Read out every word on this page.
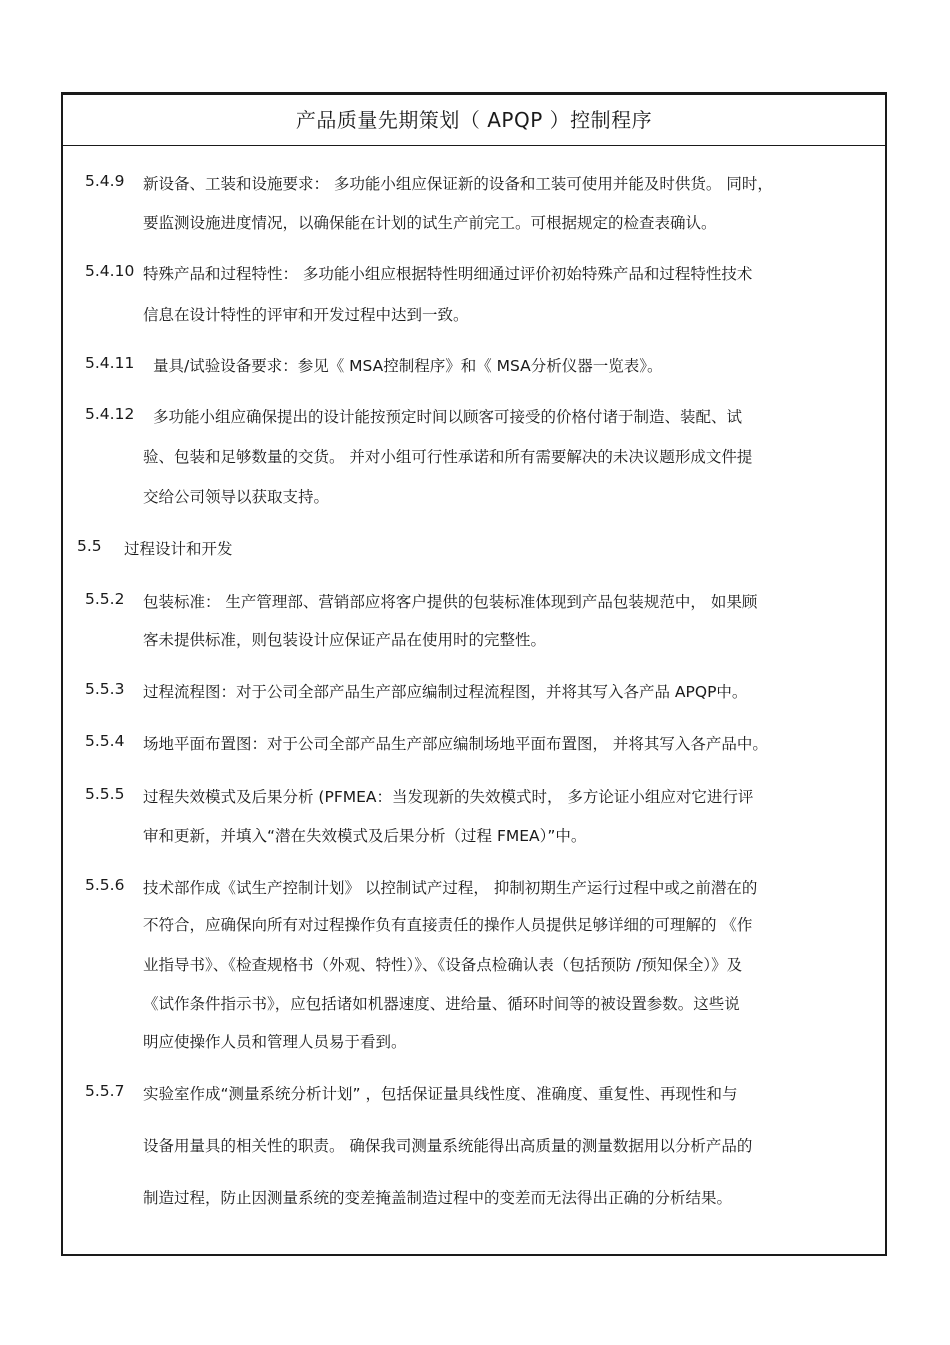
产品质量先期策划（ APQP ）控制程序
5.4.9 新设备、工装和设施要求： 多功能小组应保证新的设备和工装可使用并能及时供货。 同时，
要监测设施进度情况，以确保能在计划的试生产前完工。可根据规定的检查表确认。
5.4.10 特殊产品和过程特性： 多功能小组应根据特性明细通过评价初始特殊产品和过程特性技术
信息在设计特性的评审和开发过程中达到一致。
5.4.11 量具/试验设备要求：参见《 MSA控制程序》和《 MSA分析仪器一览表》。
5.4.12 多功能小组应确保提出的设计能按预定时间以顾客可接受的价格付诸于制造、装配、试
验、包装和足够数量的交货。 并对小组可行性承诺和所有需要解决的未决议题形成文件提
交给公司领导以获取支持。
5.5 过程设计和开发
5.5.2 包装标准： 生产管理部、营销部应将客户提供的包装标准体现到产品包装规范中， 如果顾
客未提供标准，则包装设计应保证产品在使用时的完整性。
5.5.3 过程流程图：对于公司全部产品生产部应编制过程流程图，并将其写入各产品 APQP中。
5.5.4 场地平面布置图：对于公司全部产品生产部应编制场地平面布置图， 并将其写入各产品中。
5.5.5 过程失效模式及后果分析 (PFMEA：当发现新的失效模式时， 多方论证小组应对它进行评
审和更新，并填入“潜在失效模式及后果分析（过程 FMEA）”中。
5.5.6 技术部作成《试生产控制计划》 以控制试产过程， 抑制初期生产运行过程中或之前潜在的
不符合，应确保向所有对过程操作负有直接责任的操作人员提供足够详细的可理解的 《作
业指导书》、《检查规格书（外观、特性）》、《设备点检确认表（包括预防 /预知保全）》及
《试作条件指示书》，应包括诸如机器速度、进给量、循环时间等的被设置参数。这些说
明应使操作人员和管理人员易于看到。
5.5.7 实验室作成“测量系统分析计划” ，包括保证量具线性度、准确度、重复性、再现性和与
设备用量具的相关性的职责。 确保我司测量系统能得出高质量的测量数据用以分析产品的
制造过程，防止因测量系统的变差掩盖制造过程中的变差而无法得出正确的分析结果。
